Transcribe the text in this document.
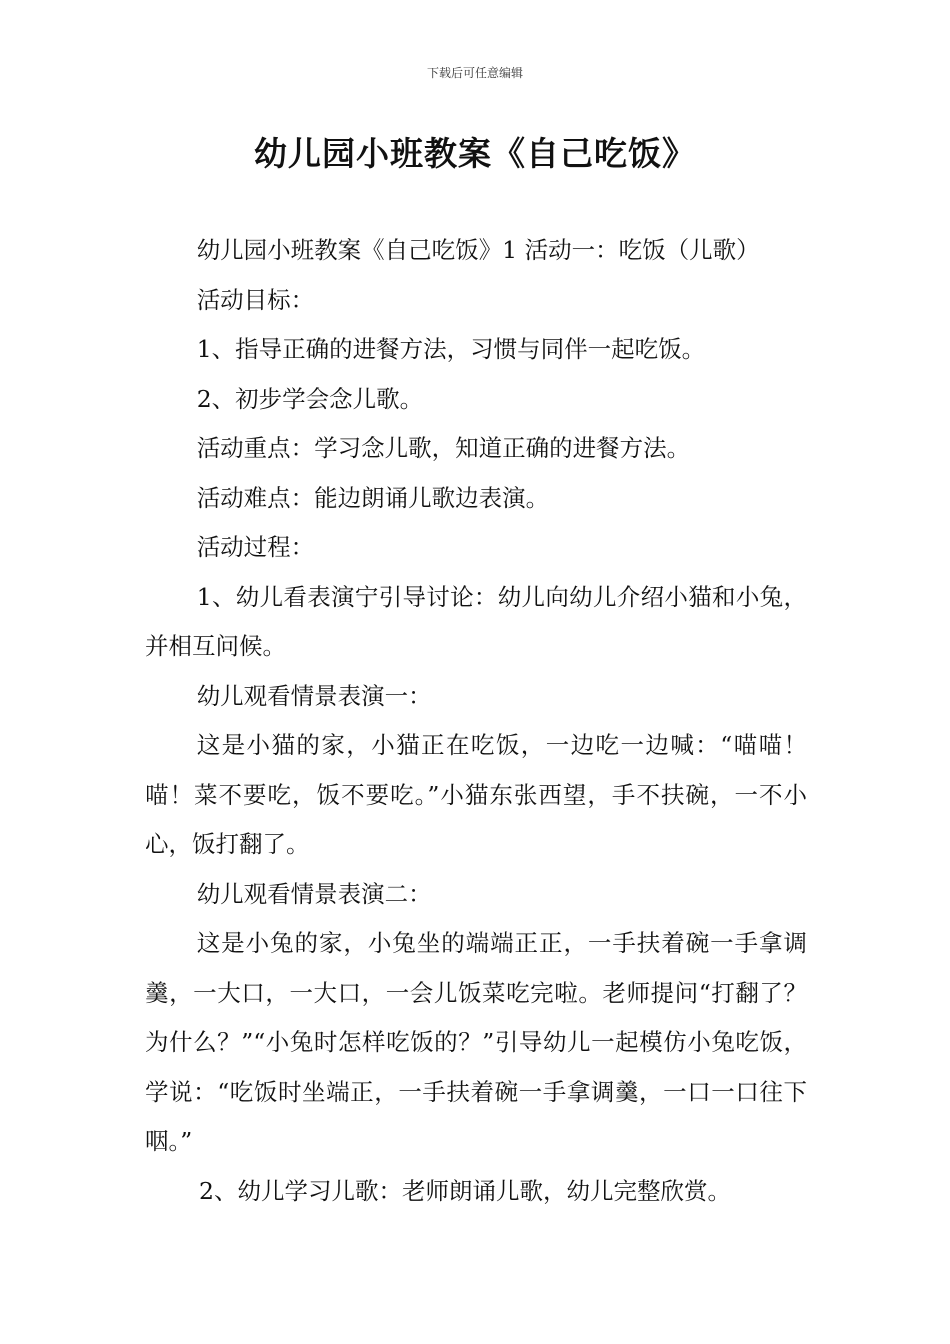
下载后可任意编辑
幼儿园小班教案《自己吃饭》

幼儿园小班教案《自己吃饭》1 活动一：吃饭（儿歌）

活动目标：

1、指导正确的进餐方法，习惯与同伴一起吃饭。

2、初步学会念儿歌。

活动重点：学习念儿歌，知道正确的进餐方法。

活动难点：能边朗诵儿歌边表演。

活动过程：

1、幼儿看表演宁引导讨论：幼儿向幼儿介绍小猫和小兔，并相互问候。

幼儿观看情景表演一：

这是小猫的家，小猫正在吃饭，一边吃一边喊：“喵喵！喵！菜不要吃，饭不要吃。”小猫东张西望，手不扶碗，一不小心，饭打翻了。

幼儿观看情景表演二：

这是小兔的家，小兔坐的端端正正，一手扶着碗一手拿调羹，一大口，一大口，一会儿饭菜吃完啦。老师提问“打翻了？为什么？”“小兔时怎样吃饭的？”引导幼儿一起模仿小兔吃饭，学说：“吃饭时坐端正，一手扶着碗一手拿调羹，一口一口往下咽。”

2、幼儿学习儿歌：老师朗诵儿歌，幼儿完整欣赏。
